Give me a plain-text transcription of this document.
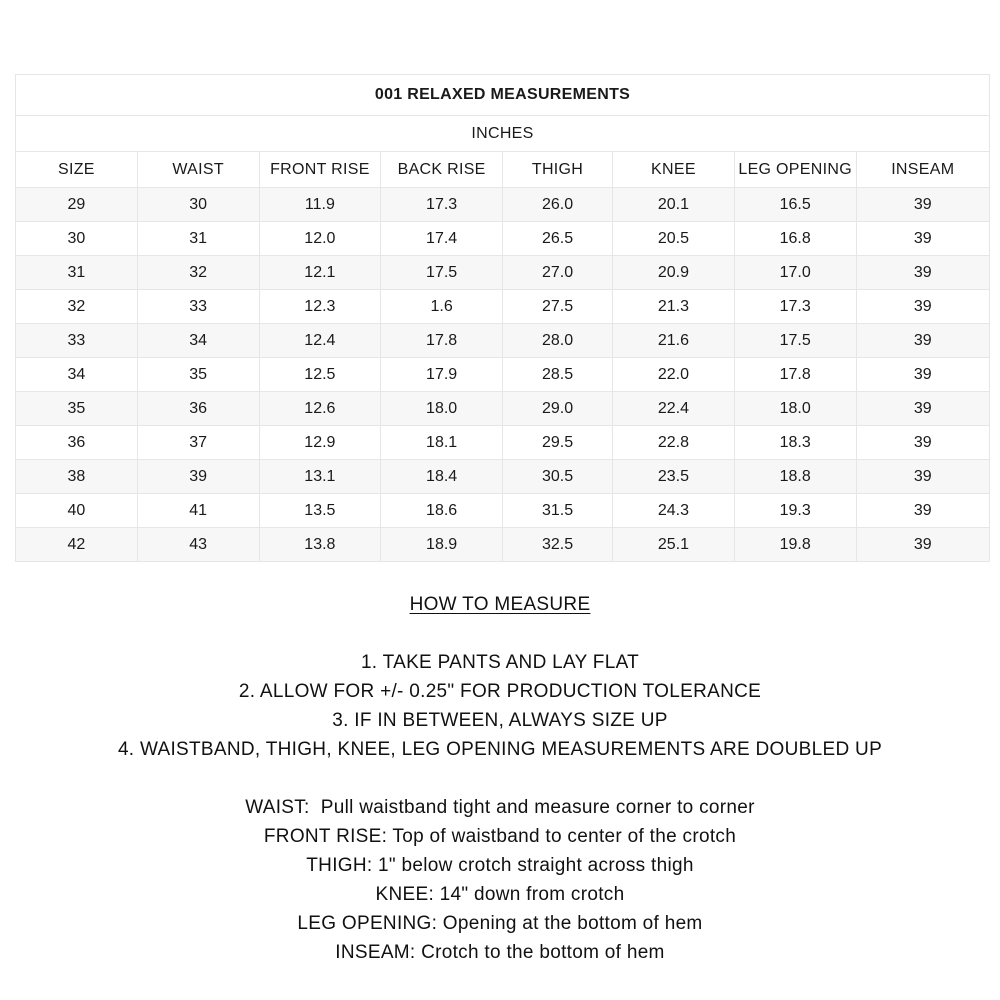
001 RELAXED MEASUREMENTS							
INCHES							
SIZE	WAIST	FRONT RISE	BACK RISE	THIGH	KNEE	LEG OPENING	INSEAM
29	30	11.9	17.3	26.0	20.1	16.5	39
30	31	12.0	17.4	26.5	20.5	16.8	39
31	32	12.1	17.5	27.0	20.9	17.0	39
32	33	12.3	1.6	27.5	21.3	17.3	39
33	34	12.4	17.8	28.0	21.6	17.5	39
34	35	12.5	17.9	28.5	22.0	17.8	39
35	36	12.6	18.0	29.0	22.4	18.0	39
36	37	12.9	18.1	29.5	22.8	18.3	39
38	39	13.1	18.4	30.5	23.5	18.8	39
40	41	13.5	18.6	31.5	24.3	19.3	39
42	43	13.8	18.9	32.5	25.1	19.8	39
HOW TO MEASURE
1. TAKE PANTS AND LAY FLAT
2. ALLOW FOR +/- 0.25" FOR PRODUCTION TOLERANCE
3. IF IN BETWEEN, ALWAYS SIZE UP
4. WAISTBAND, THIGH, KNEE, LEG OPENING MEASUREMENTS ARE DOUBLED UP
WAIST:  Pull waistband tight and measure corner to corner
FRONT RISE: Top of waistband to center of the crotch
THIGH: 1" below crotch straight across thigh
KNEE: 14" down from crotch
LEG OPENING: Opening at the bottom of hem
INSEAM: Crotch to the bottom of hem
